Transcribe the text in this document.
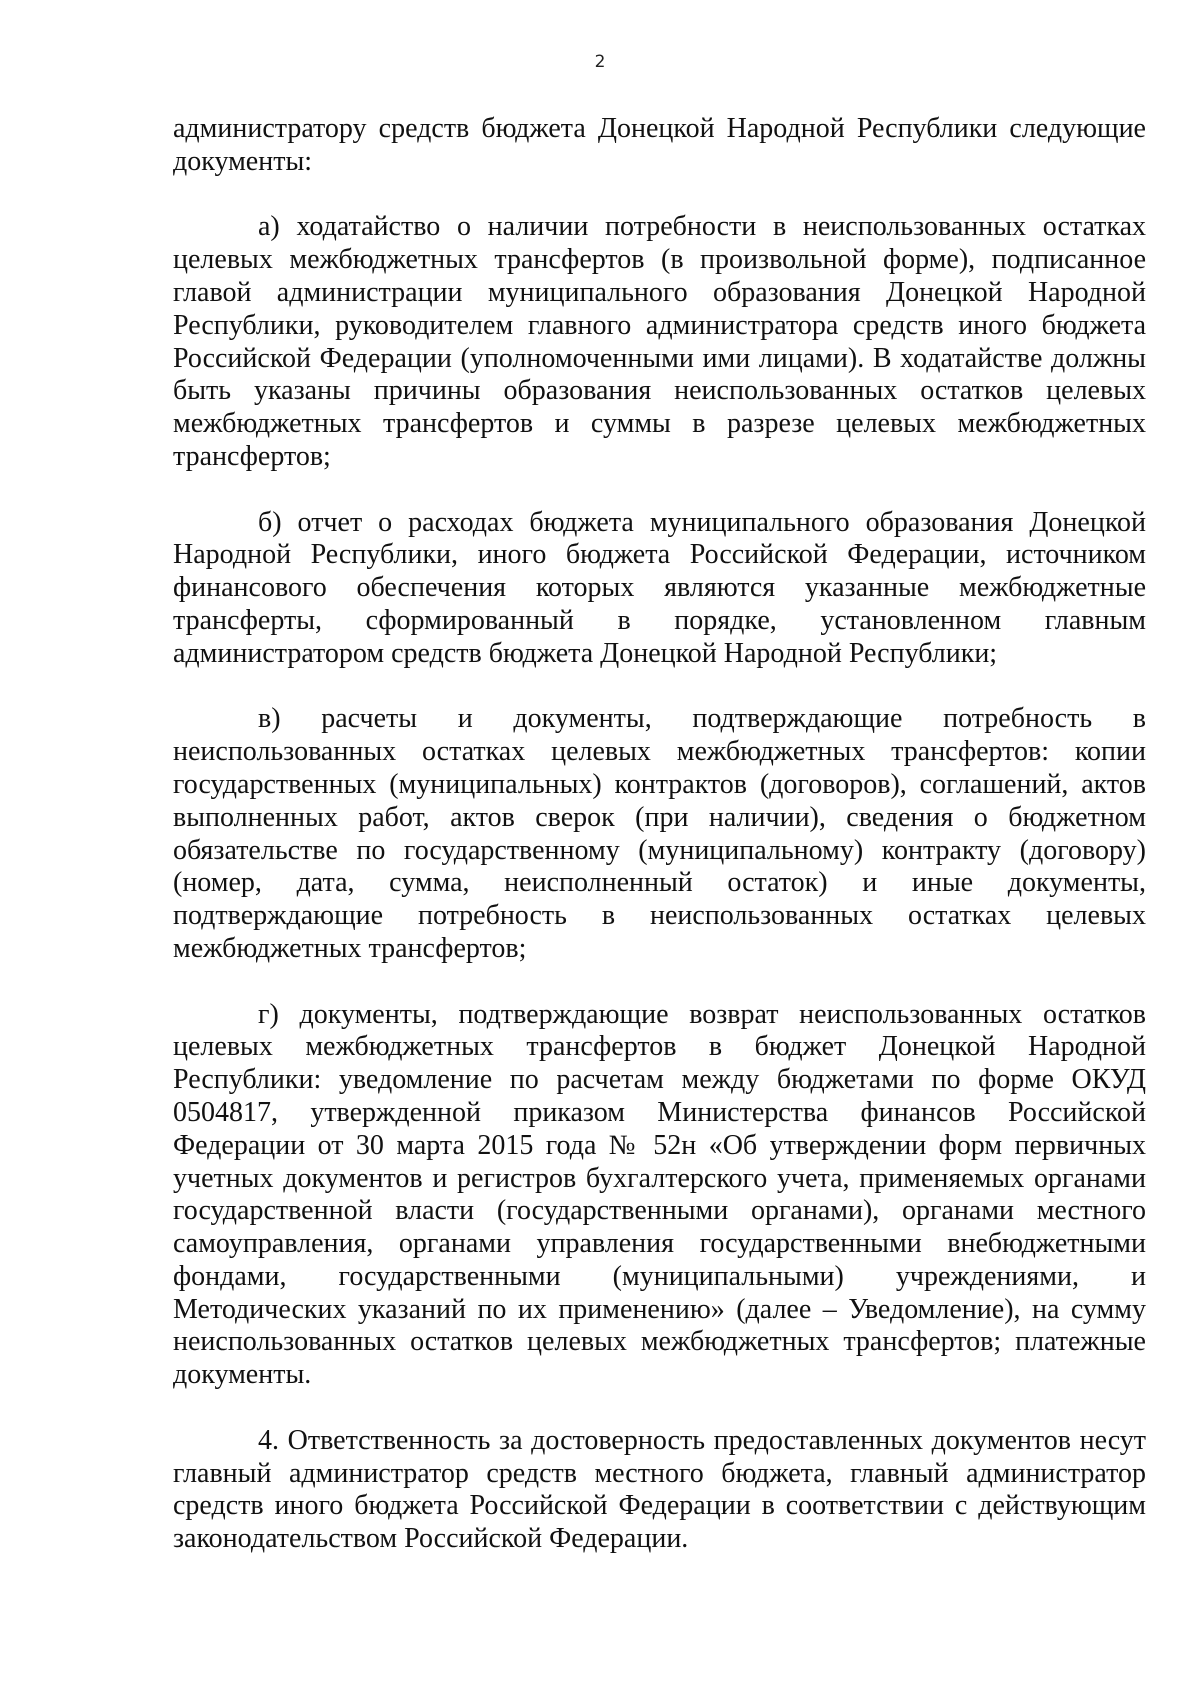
2

администратору средств бюджета Донецкой Народной Республики следующие документы:

а) ходатайство о наличии потребности в неиспользованных остатках целевых межбюджетных трансфертов (в произвольной форме), подписанное главой администрации муниципального образования Донецкой Народной Республики, руководителем главного администратора средств иного бюджета Российской Федерации (уполномоченными ими лицами). В ходатайстве должны быть указаны причины образования неиспользованных остатков целевых межбюджетных трансфертов и суммы в разрезе целевых межбюджетных трансфертов;

б) отчет о расходах бюджета муниципального образования Донецкой Народной Республики, иного бюджета Российской Федерации, источником финансового обеспечения которых являются указанные межбюджетные трансферты, сформированный в порядке, установленном главным администратором средств бюджета Донецкой Народной Республики;

в) расчеты и документы, подтверждающие потребность в неиспользованных остатках целевых межбюджетных трансфертов: копии государственных (муниципальных) контрактов (договоров), соглашений, актов выполненных работ, актов сверок (при наличии), сведения о бюджетном обязательстве по государственному (муниципальному) контракту (договору) (номер, дата, сумма, неисполненный остаток) и иные документы, подтверждающие потребность в неиспользованных остатках целевых межбюджетных трансфертов;

г) документы, подтверждающие возврат неиспользованных остатков целевых межбюджетных трансфертов в бюджет Донецкой Народной Республики: уведомление по расчетам между бюджетами по форме ОКУД 0504817, утвержденной приказом Министерства финансов Российской Федерации от 30 марта 2015 года № 52н «Об утверждении форм первичных учетных документов и регистров бухгалтерского учета, применяемых органами государственной власти (государственными органами), органами местного самоуправления, органами управления государственными внебюджетными фондами, государственными (муниципальными) учреждениями, и Методических указаний по их применению» (далее – Уведомление), на сумму неиспользованных остатков целевых межбюджетных трансфертов; платежные документы.

4. Ответственность за достоверность предоставленных документов несут главный администратор средств местного бюджета, главный администратор средств иного бюджета Российской Федерации в соответствии с действующим законодательством Российской Федерации.
